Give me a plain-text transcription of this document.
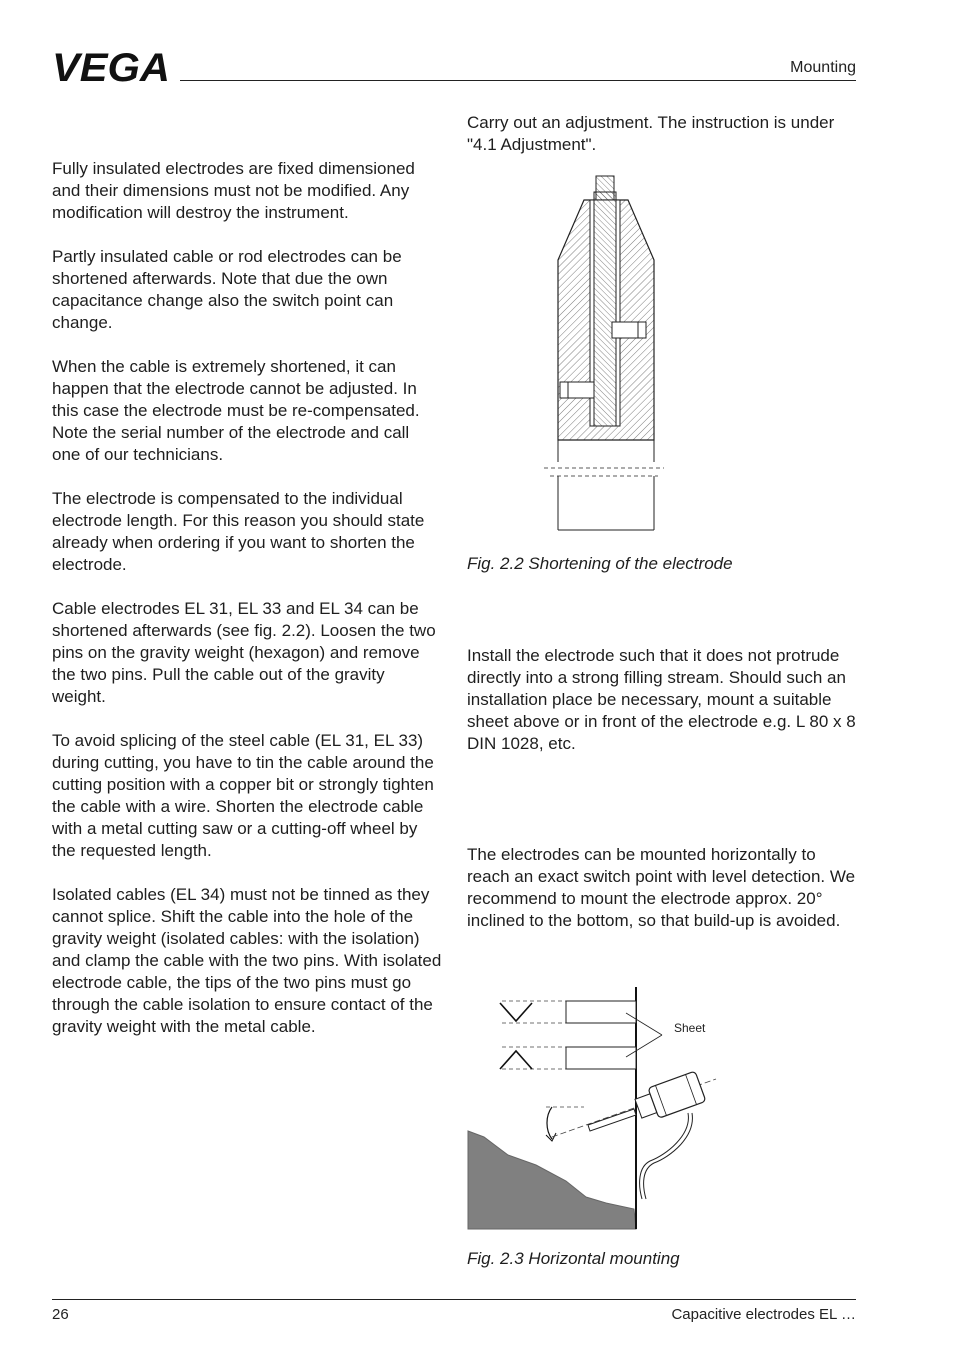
VEGA	Mounting

Fully insulated electrodes are fixed dimensioned and their dimensions must not be modified. Any modification will destroy the instrument.

Partly insulated cable or rod electrodes can be shortened afterwards. Note that due the own capacitance change also the switch point can change.

When the cable is extremely shortened, it can happen that the electrode cannot be adjusted. In this case the electrode must be re-compensated. Note the serial number of the electrode and call one of our technicians.

The electrode is compensated to the individual electrode length. For this reason you should state already when ordering if you want to shorten the electrode.

Cable electrodes EL 31, EL 33 and EL 34 can be shortened afterwards (see fig. 2.2). Loosen the two pins on the gravity weight (hexagon) and remove the two pins. Pull the cable out of the gravity weight.

To avoid splicing of the steel cable (EL 31, EL 33) during cutting, you have to tin the cable around the cutting position with a copper bit or strongly tighten the cable with a wire. Shorten the electrode cable with a metal cutting saw or a cutting-off wheel by the requested length.

Isolated cables (EL 34) must not be tinned as they cannot splice. Shift the cable into the hole of the gravity weight (isolated cables: with the isolation) and clamp the cable with the two pins. With isolated electrode cable, the tips of the two pins must go through the cable isolation to ensure contact of the gravity weight with the metal cable.

Carry out an adjustment. The instruction is under "4.1 Adjustment".

Fig. 2.2 Shortening of the electrode

Install the electrode such that it does not protrude directly into a strong filling stream. Should such an installation place be necessary, mount a suitable sheet above or in front of the electrode e.g. L 80 x 8 DIN 1028, etc.

The electrodes can be mounted horizontally to reach an exact switch point with level detection. We recommend to mount the electrode approx. 20° inclined to the bottom, so that build-up is avoided.

Sheet
Fig. 2.3 Horizontal mounting
26	Capacitive electrodes EL …
